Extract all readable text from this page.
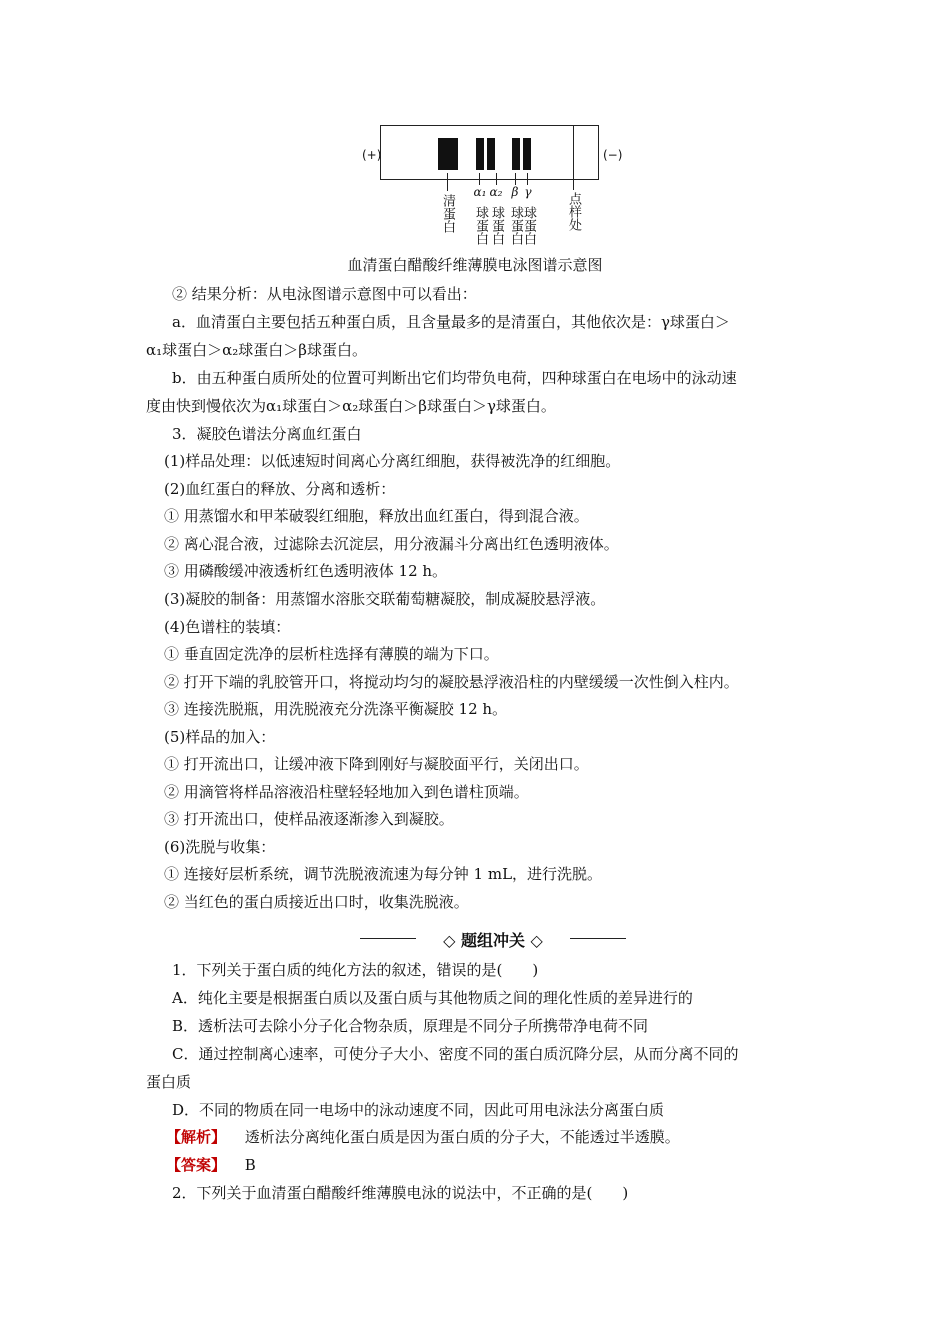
(+)	(−)
清蛋白
α₁
球蛋白
α₂
球蛋白
β
球蛋白
γ
球蛋白 点样处
血清蛋白醋酸纤维薄膜电泳图谱示意图
② 结果分析：从电泳图谱示意图中可以看出：
a．血清蛋白主要包括五种蛋白质，且含量最多的是清蛋白，其他依次是：γ球蛋白＞
α₁球蛋白＞α₂球蛋白＞β球蛋白。
b．由五种蛋白质所处的位置可判断出它们均带负电荷，四种球蛋白在电场中的泳动速
度由快到慢依次为α₁球蛋白＞α₂球蛋白＞β球蛋白＞γ球蛋白。
3．凝胶色谱法分离血红蛋白
(1)样品处理：以低速短时间离心分离红细胞，获得被洗净的红细胞。
(2)血红蛋白的释放、分离和透析：
① 用蒸馏水和甲苯破裂红细胞，释放出血红蛋白，得到混合液。
② 离心混合液，过滤除去沉淀层，用分液漏斗分离出红色透明液体。
③ 用磷酸缓冲液透析红色透明液体 12 h。
(3)凝胶的制备：用蒸馏水溶胀交联葡萄糖凝胶，制成凝胶悬浮液。
(4)色谱柱的装填：
① 垂直固定洗净的层析柱选择有薄膜的端为下口。
② 打开下端的乳胶管开口，将搅动均匀的凝胶悬浮液沿柱的内壁缓缓一次性倒入柱内。
③ 连接洗脱瓶，用洗脱液充分洗涤平衡凝胶 12 h。
(5)样品的加入：
① 打开流出口，让缓冲液下降到刚好与凝胶面平行，关闭出口。
② 用滴管将样品溶液沿柱壁轻轻地加入到色谱柱顶端。
③ 打开流出口，使样品液逐渐渗入到凝胶。
(6)洗脱与收集：
① 连接好层析系统，调节洗脱液流速为每分钟 1 mL，进行洗脱。
② 当红色的蛋白质接近出口时，收集洗脱液。
◇ 题组冲关 ◇
1．下列关于蛋白质的纯化方法的叙述，错误的是(　　)
A．纯化主要是根据蛋白质以及蛋白质与其他物质之间的理化性质的差异进行的
B．透析法可去除小分子化合物杂质，原理是不同分子所携带净电荷不同
C．通过控制离心速率，可使分子大小、密度不同的蛋白质沉降分层，从而分离不同的
蛋白质
D．不同的物质在同一电场中的泳动速度不同，因此可用电泳法分离蛋白质
【解析】 透析法分离纯化蛋白质是因为蛋白质的分子大，不能透过半透膜。
【答案】 B
2．下列关于血清蛋白醋酸纤维薄膜电泳的说法中，不正确的是(　　)
